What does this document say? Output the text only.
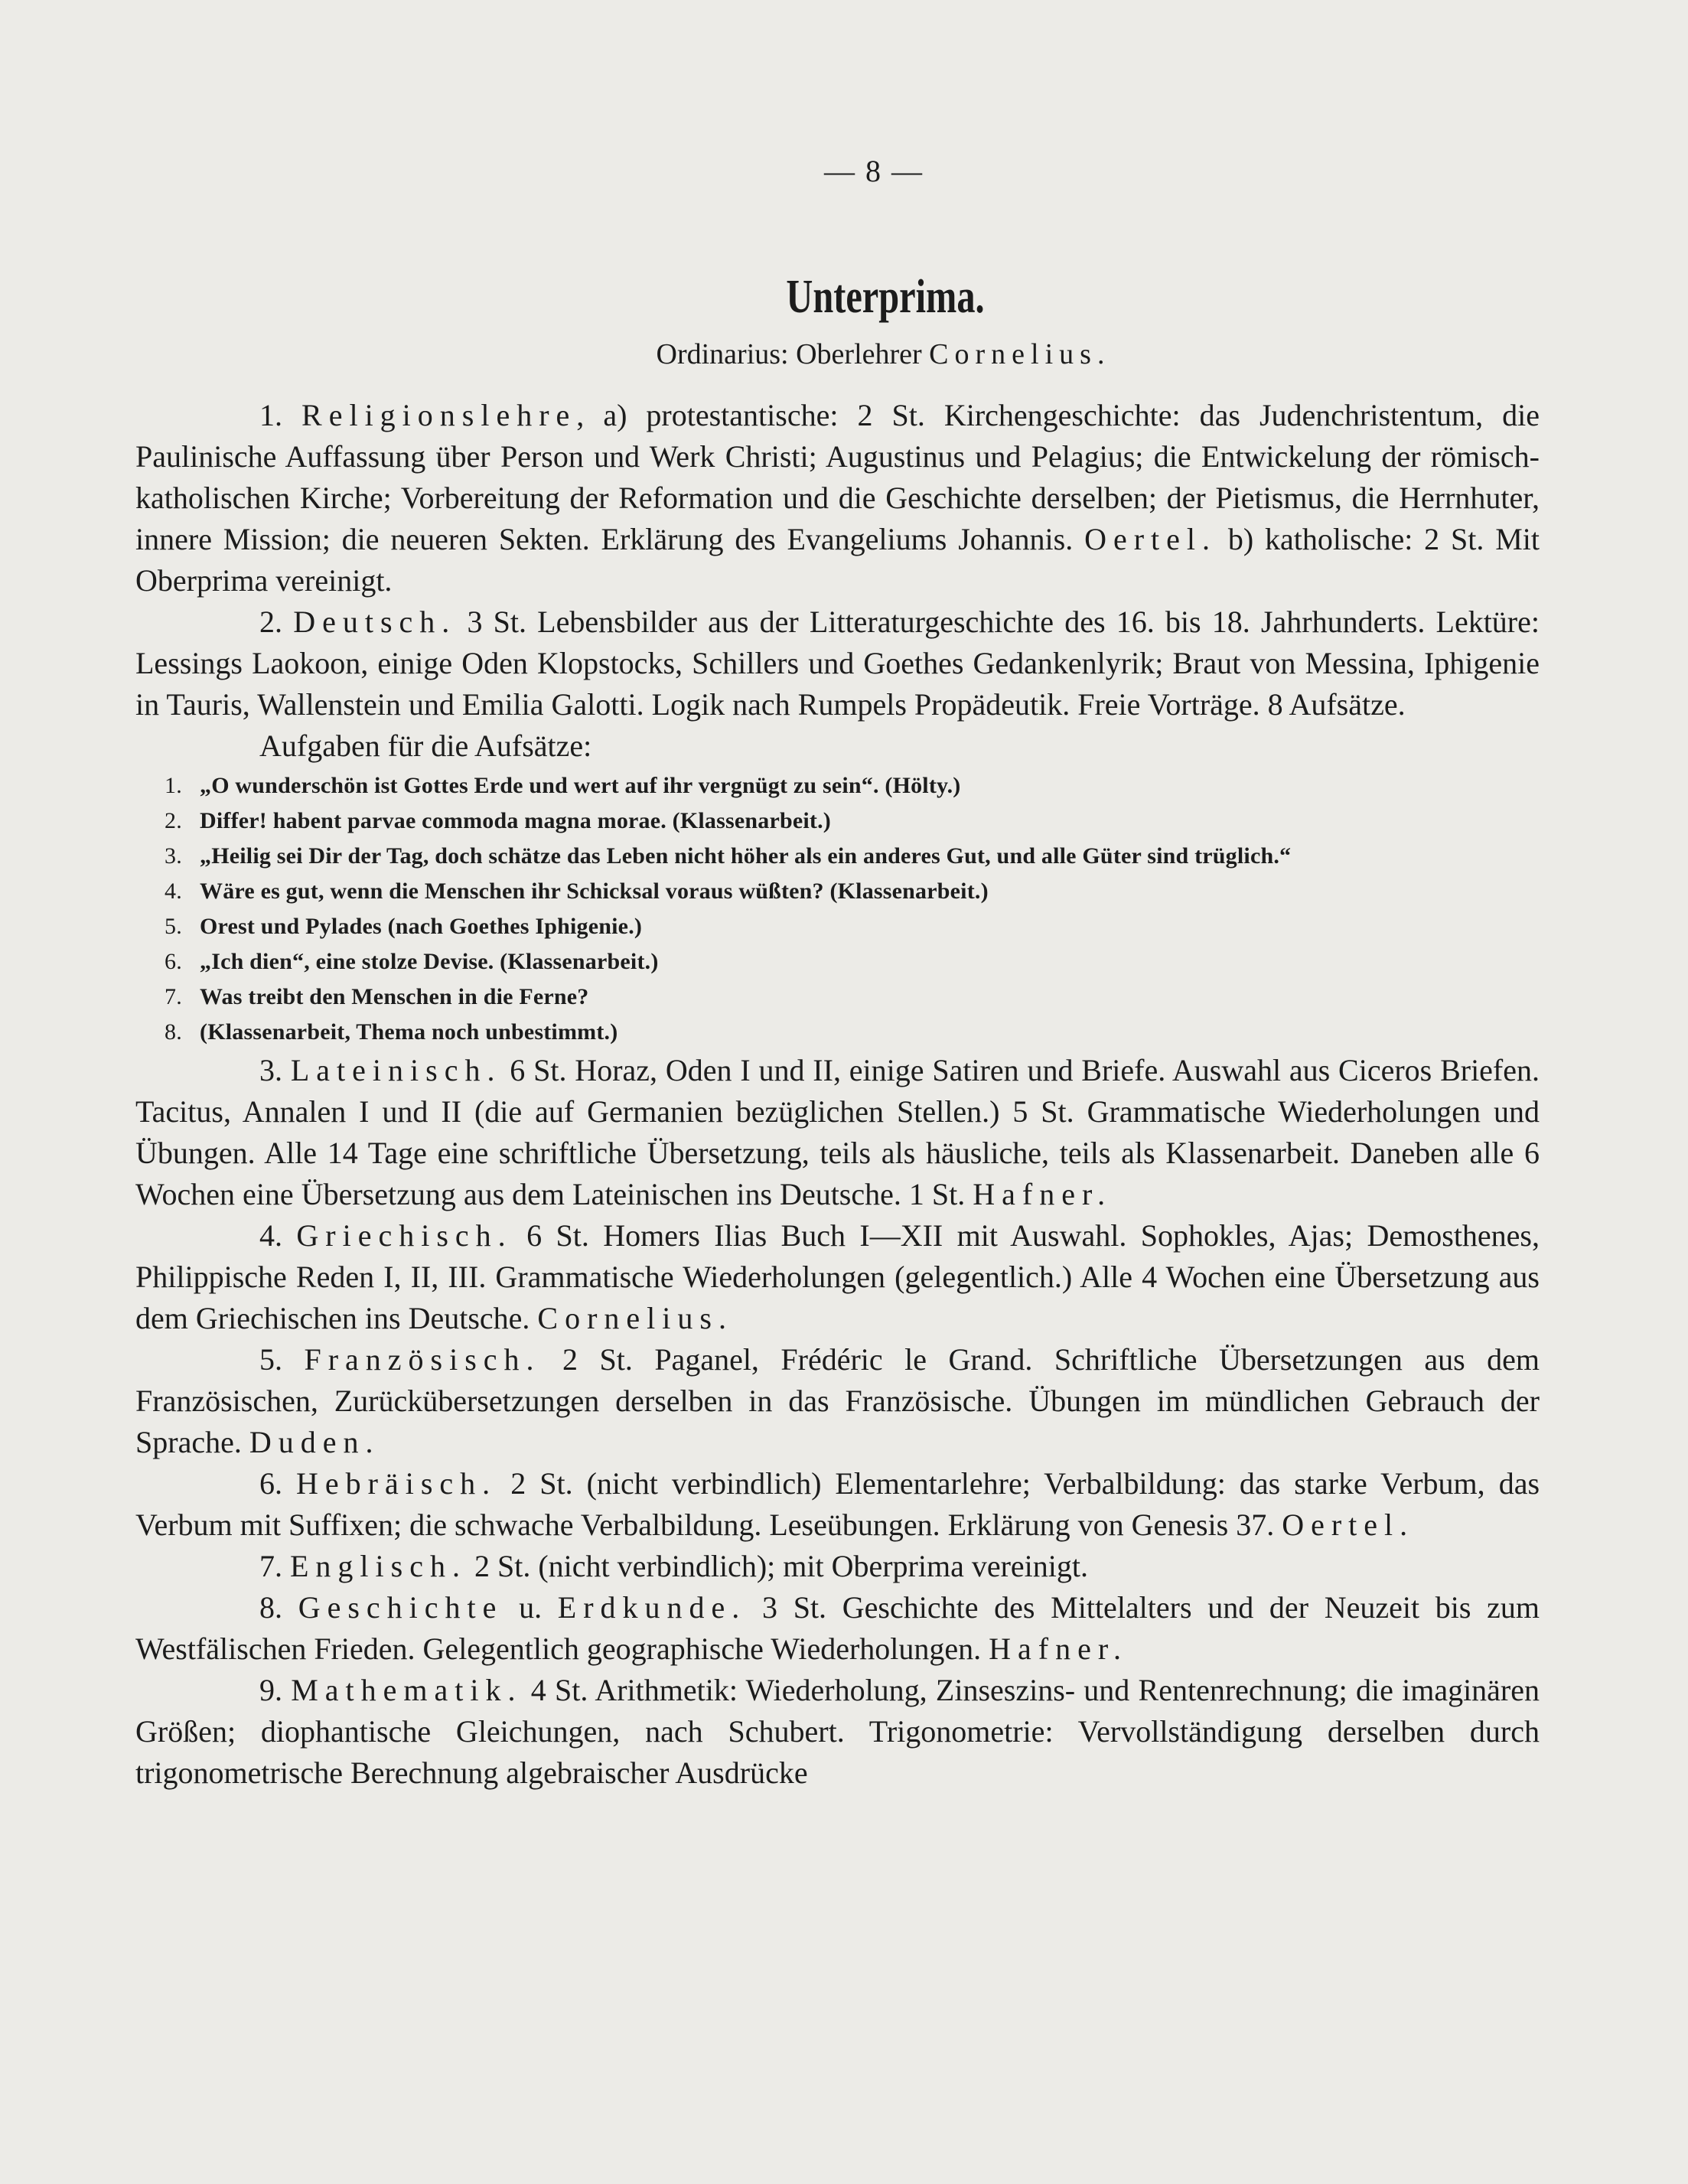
— 8 —
Unterprima.
Ordinarius: Oberlehrer Cornelius.

1. Religionslehre, a) protestantische: 2 St. Kirchengeschichte: das Judenchristentum, die Paulinische Auffassung über Person und Werk Christi; Augustinus und Pelagius; die Entwickelung der römisch-katholischen Kirche; Vorbereitung der Reformation und die Geschichte derselben; der Pietismus, die Herrnhuter, innere Mission; die neueren Sekten. Erklärung des Evangeliums Johannis. Oertel. b) katholische: 2 St. Mit Oberprima vereinigt.

2. Deutsch. 3 St. Lebensbilder aus der Litteraturgeschichte des 16. bis 18. Jahrhunderts. Lektüre: Lessings Laokoon, einige Oden Klopstocks, Schillers und Goethes Gedankenlyrik; Braut von Messina, Iphigenie in Tauris, Wallenstein und Emilia Galotti. Logik nach Rumpels Propädeutik. Freie Vorträge. 8 Aufsätze.

Aufgaben für die Aufsätze:
1. „O wunderschön ist Gottes Erde und wert auf ihr vergnügt zu sein“. (Hölty.)
2. Differ! habent parvae commoda magna morae. (Klassenarbeit.)
3. „Heilig sei Dir der Tag, doch schätze das Leben nicht höher als ein anderes Gut, und alle Güter sind trüglich.“
4. Wäre es gut, wenn die Menschen ihr Schicksal voraus wüßten? (Klassenarbeit.)
5. Orest und Pylades (nach Goethes Iphigenie.)
6. „Ich dien“, eine stolze Devise. (Klassenarbeit.)
7. Was treibt den Menschen in die Ferne?
8. (Klassenarbeit, Thema noch unbestimmt.)

3. Lateinisch. 6 St. Horaz, Oden I und II, einige Satiren und Briefe. Auswahl aus Ciceros Briefen. Tacitus, Annalen I und II (die auf Germanien bezüglichen Stellen.) 5 St. Grammatische Wiederholungen und Übungen. Alle 14 Tage eine schriftliche Übersetzung, teils als häusliche, teils als Klassenarbeit. Daneben alle 6 Wochen eine Übersetzung aus dem Lateinischen ins Deutsche. 1 St. Hafner.

4. Griechisch. 6 St. Homers Ilias Buch I—XII mit Auswahl. Sophokles, Ajas; Demosthenes, Philippische Reden I, II, III. Grammatische Wiederholungen (gelegentlich.) Alle 4 Wochen eine Übersetzung aus dem Griechischen ins Deutsche. Cornelius.

5. Französisch. 2 St. Paganel, Frédéric le Grand. Schriftliche Übersetzungen aus dem Französischen, Zurückübersetzungen derselben in das Französische. Übungen im mündlichen Gebrauch der Sprache. Duden.

6. Hebräisch. 2 St. (nicht verbindlich) Elementarlehre; Verbalbildung: das starke Verbum, das Verbum mit Suffixen; die schwache Verbalbildung. Leseübungen. Erklärung von Genesis 37. Oertel.

7. Englisch. 2 St. (nicht verbindlich); mit Oberprima vereinigt.

8. Geschichte u. Erdkunde. 3 St. Geschichte des Mittelalters und der Neuzeit bis zum Westfälischen Frieden. Gelegentlich geographische Wiederholungen. Hafner.

9. Mathematik. 4 St. Arithmetik: Wiederholung, Zinseszins- und Rentenrechnung; die imaginären Größen; diophantische Gleichungen, nach Schubert. Trigonometrie: Vervollständigung derselben durch trigonometrische Berechnung algebraischer Ausdrücke
